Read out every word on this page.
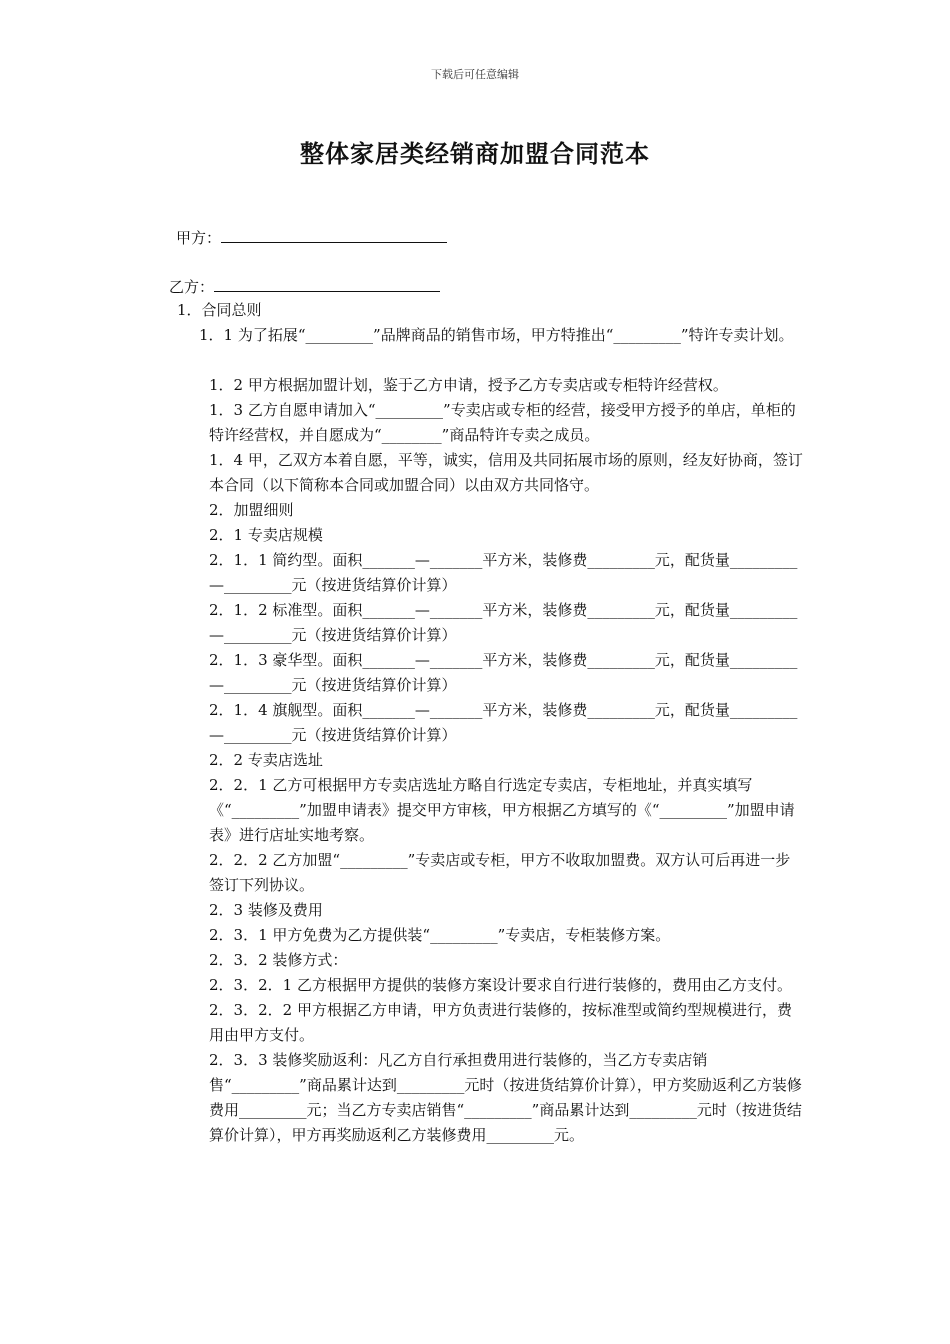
下载后可任意编辑
整体家居类经销商加盟合同范本
甲方：
乙方：

1．合同总则

1．1 为了拓展“_________”品牌商品的销售市场，甲方特推出“_________”特许专卖计划。

1．2 甲方根据加盟计划，鉴于乙方申请，授予乙方专卖店或专柜特许经营权。

1．3 乙方自愿申请加入“_________”专卖店或专柜的经营，接受甲方授予的单店，单柜的特许经营权，并自愿成为“________”商品特许专卖之成员。

1．4 甲，乙双方本着自愿，平等，诚实，信用及共同拓展市场的原则，经友好协商，签订本合同（以下简称本合同或加盟合同）以由双方共同恪守。

2．加盟细则

2．1 专卖店规模

2．1．1 简约型。面积_______—_______平方米，装修费_________元，配货量_________—_________元（按进货结算价计算）

2．1．2 标准型。面积_______—_______平方米，装修费_________元，配货量_________—_________元（按进货结算价计算）

2．1．3 豪华型。面积_______—_______平方米，装修费_________元，配货量_________—_________元（按进货结算价计算）

2．1．4 旗舰型。面积_______—_______平方米，装修费_________元，配货量_________—_________元（按进货结算价计算）

2．2 专卖店选址

2．2．1 乙方可根据甲方专卖店选址方略自行选定专卖店，专柜地址，并真实填写《“_________”加盟申请表》提交甲方审核，甲方根据乙方填写的《“_________”加盟申请表》进行店址实地考察。

2．2．2 乙方加盟“_________”专卖店或专柜，甲方不收取加盟费。双方认可后再进一步签订下列协议。

2．3 装修及费用

2．3．1 甲方免费为乙方提供装“_________”专卖店，专柜装修方案。

2．3．2 装修方式：

2．3．2．1 乙方根据甲方提供的装修方案设计要求自行进行装修的，费用由乙方支付。

2．3．2．2 甲方根据乙方申请，甲方负责进行装修的，按标准型或简约型规模进行，费用由甲方支付。

2．3．3 装修奖励返利：凡乙方自行承担费用进行装修的，当乙方专卖店销售“_________”商品累计达到_________元时（按进货结算价计算），甲方奖励返利乙方装修费用_________元；当乙方专卖店销售“_________”商品累计达到_________元时（按进货结算价计算），甲方再奖励返利乙方装修费用_________元。
